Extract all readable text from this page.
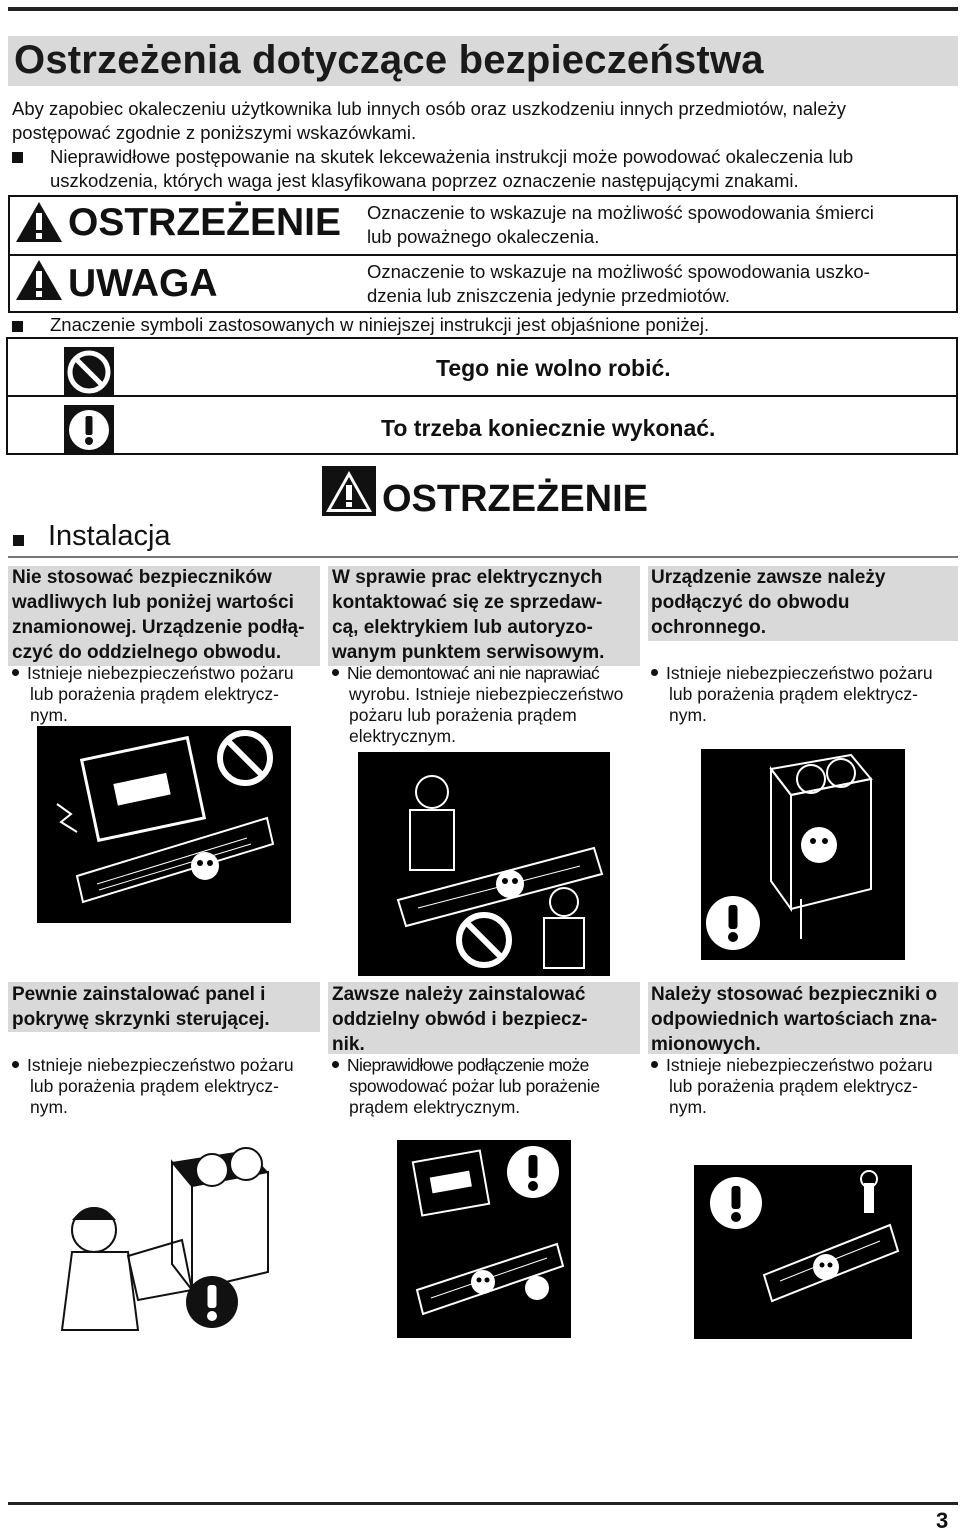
Ostrzeżenia dotyczące bezpieczeństwa
Aby zapobiec okaleczeniu użytkownika lub innych osób oraz uszkodzeniu innych przedmiotów, należy
postępować zgodnie z poniższymi wskazówkami.
Nieprawidłowe postępowanie na skutek lekceważenia instrukcji może powodować okaleczenia lub
uszkodzenia, których waga jest klasyfikowana poprzez oznaczenie następującymi znakami.
OSTRZEŻENIE Oznaczenie to wskazuje na możliwość spowodowania śmierci
lub poważnego okaleczenia.
UWAGA	Oznaczenie to wskazuje na możliwość spowodowania uszko-
dzenia lub zniszczenia jedynie przedmiotów.
Znaczenie symboli zastosowanych w niniejszej instrukcji jest objaśnione poniżej.
Tego nie wolno robić.
To trzeba koniecznie wykonać.
OSTRZEŻENIE
Instalacja
Nie stosować bezpieczników
wadliwych lub poniżej wartości
znamionowej. Urządzenie podłą-
czyć do oddzielnego obwodu.
Istnieje niebezpieczeństwo pożaru
lub porażenia prądem elektrycz-
nym.
W sprawie prac elektrycznych
kontaktować się ze sprzedaw-
cą, elektrykiem lub autoryzo-
wanym punktem serwisowym.
Nie demontować ani nie naprawiać
wyrobu. Istnieje niebezpieczeństwo
pożaru lub porażenia prądem
elektrycznym.
Urządzenie zawsze należy
podłączyć do obwodu
ochronnego.
Istnieje niebezpieczeństwo pożaru
lub porażenia prądem elektrycz-
nym.
Pewnie zainstalować panel i
pokrywę skrzynki sterującej.
Istnieje niebezpieczeństwo pożaru
lub porażenia prądem elektrycz-
nym.
Zawsze należy zainstalować
oddzielny obwód i bezpiecz-
nik.
Nieprawidłowe podłączenie może
spowodować pożar lub porażenie
prądem elektrycznym.
Należy stosować bezpieczniki o
odpowiednich wartościach zna-
mionowych.
Istnieje niebezpieczeństwo pożaru
lub porażenia prądem elektrycz-
nym.
3
